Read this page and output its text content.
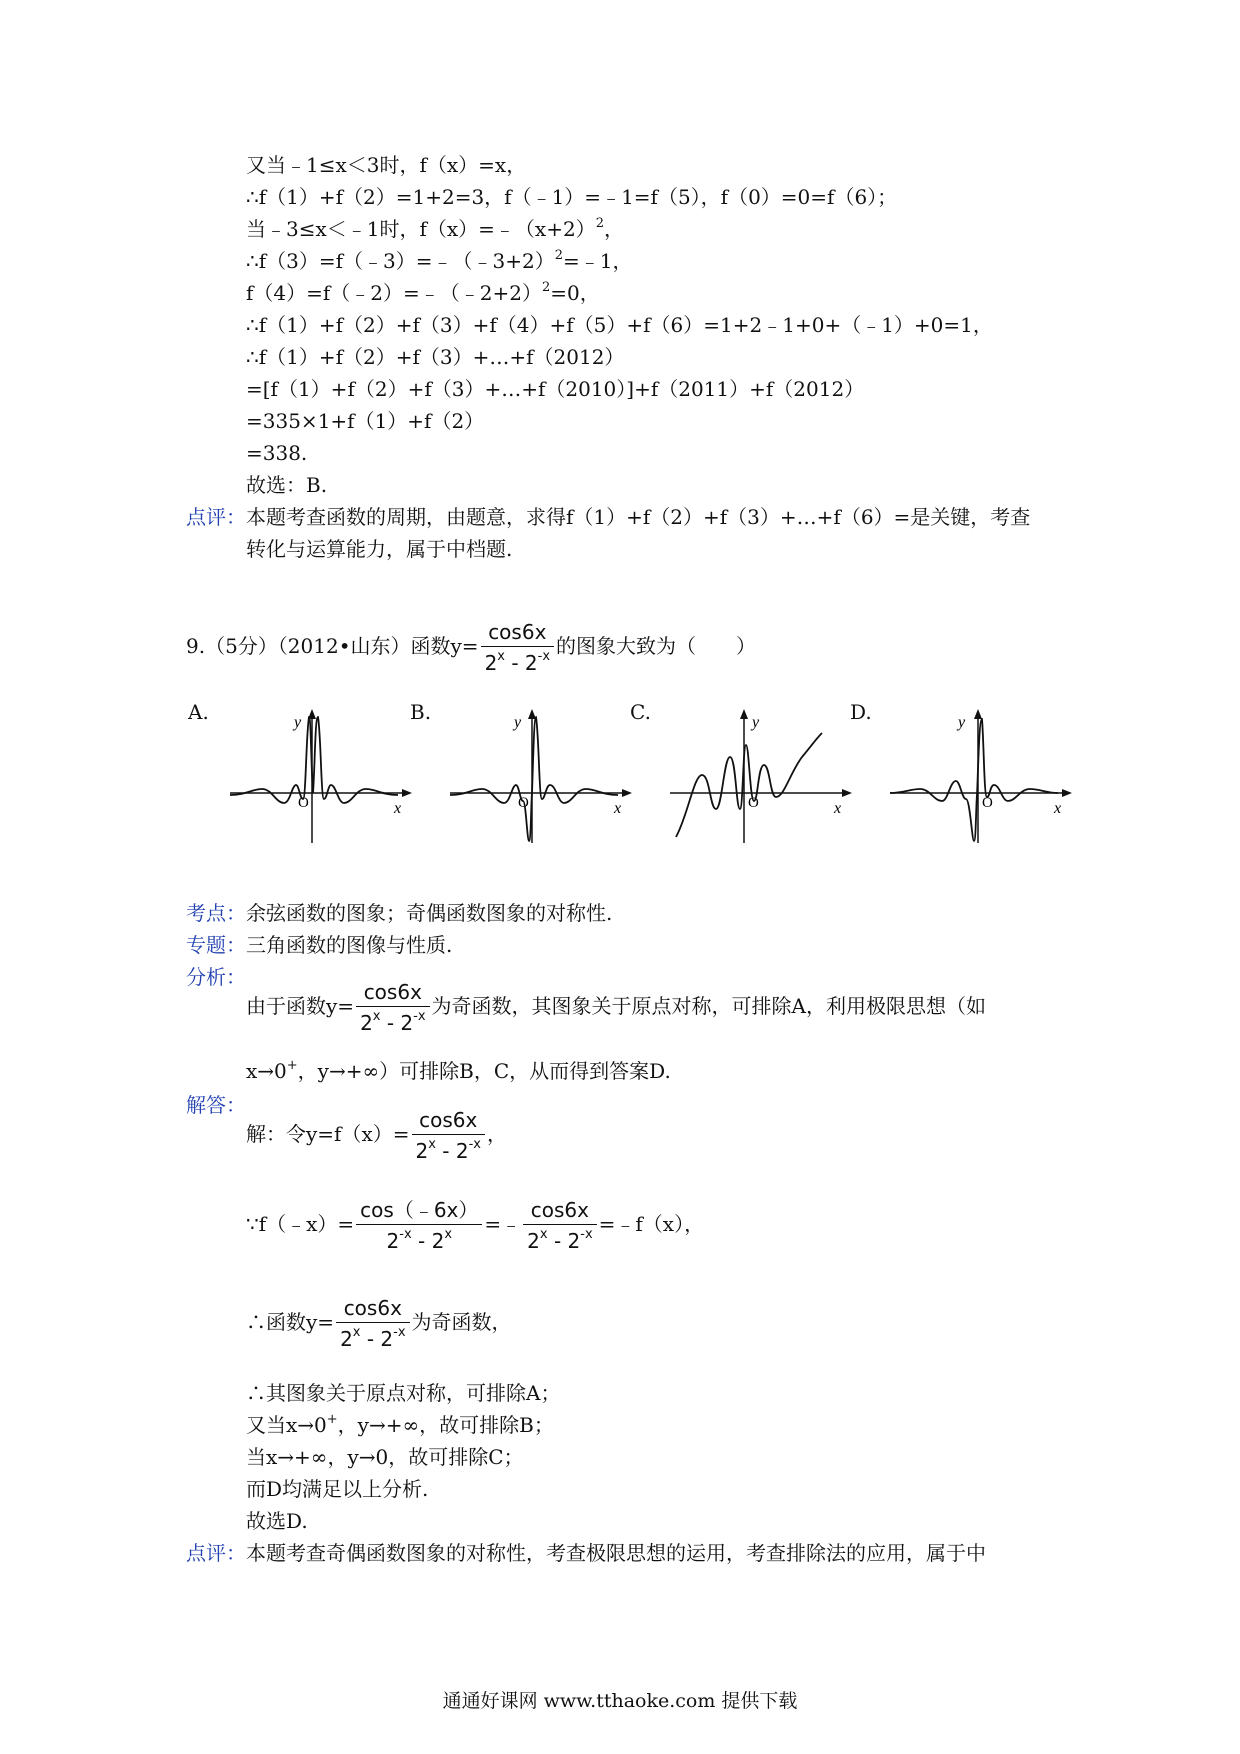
又当﹣1≤x＜3时，f（x）=x，
∴f（1）+f（2）=1+2=3，f（﹣1）=﹣1=f（5），f（0）=0=f（6）；
当﹣3≤x＜﹣1时，$f(x)=﹣(x+2)^2$，
∴f（3）=f（﹣3）=﹣（﹣3+2）$^2$=﹣1，
f（4）=f（﹣2）=﹣（﹣2+2）$^2$=0，
∴f（1）+f（2）+f（3）+f（4）+f（5）+f（6）=1+2﹣1+0+（﹣1）+0=1，
∴f（1）+f（2）+f（3）+…+f（2012）
=[f（1）+f（2）+f（3）+…+f（2010）]+f（2011）+f（2012）
=335×1+f（1）+f（2）
=338.
故选：B.
点评：本题考查函数的周期，由题意，求得f（1）+f（2）+f（3）+…+f（6）=是关键，考查
转化与运算能力，属于中档题.
9.（5分）（2012•山东）函数$y= \frac{\cos 6x}{2^x - 2^{-x}}$ 的图象大致为（　　）
A.	B.	C.	D.
y
x
O
y
x
O
y
x
O
y
x
O
考点：余弦函数的图象；奇偶函数图象的对称性.
专题：三角函数的图像与性质.
分析：
由于函数$y= \frac{\cos 6x}{2^x - 2^{-x}}$ 为奇函数，其图象关于原点对称，可排除A，利用极限思想（如
x→0+，y→+∞）可排除B，C，从而得到答案D.
解答：
解：令$y=f(x)= \frac{\cos 6x}{2^x - 2^{-x}}$ ，
∵f（﹣x）= $\frac{\cos(﹣6x)}{2^{-x} - 2^x}$ =﹣ $\frac{\cos 6x}{2^x - 2^{-x}}$ =﹣f（x），
∴函数$y= \frac{\cos 6x}{2^x - 2^{-x}}$ 为奇函数，
∴其图象关于原点对称，可排除A；
又当x→0+，y→+∞，故可排除B；
当x→+∞，y→0，故可排除C；
而D均满足以上分析.
故选D.
点评：本题考查奇偶函数图象的对称性，考查极限思想的运用，考查排除法的应用，属于中
通通好课网 www.tthaoke.com 提供下载
